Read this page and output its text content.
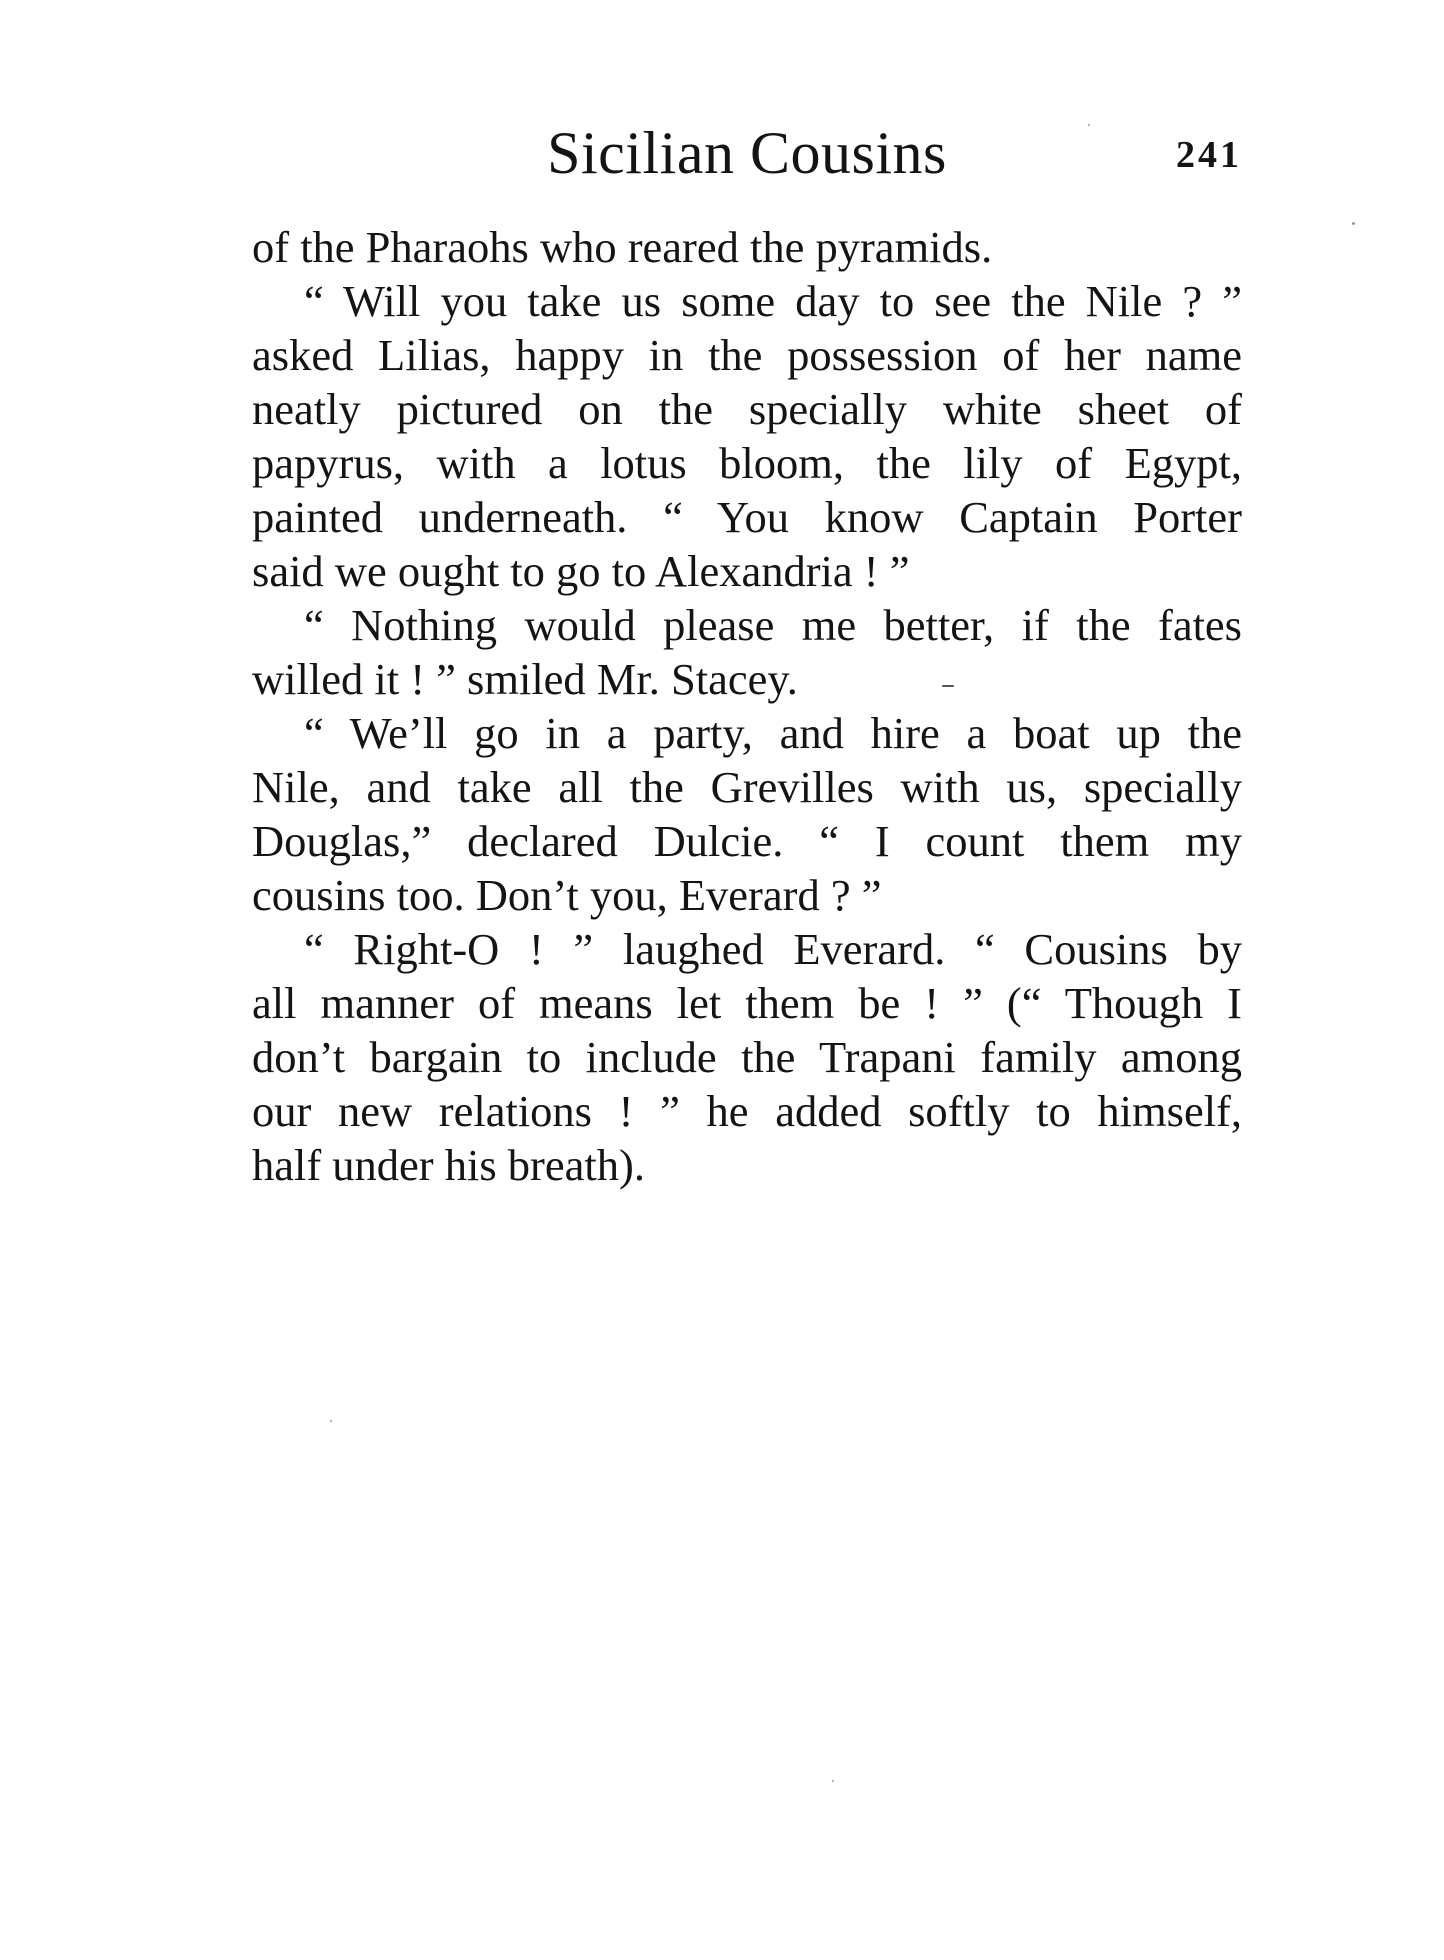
Sicilian Cousins	241

of the Pharaohs who reared the pyramids.

“ Will you take us some day to see the Nile ? ”
asked Lilias, happy in the possession of her name
neatly pictured on the specially white sheet of
papyrus, with a lotus bloom, the lily of Egypt,
painted underneath. “ You know Captain Porter
said we ought to go to Alexandria ! ”

“ Nothing would please me better, if the fates
willed it ! ” smiled Mr. Stacey.

“ We’ll go in a party, and hire a boat up the
Nile, and take all the Grevilles with us, specially
Douglas,” declared Dulcie. “ I count them my
cousins too. Don’t you, Everard ? ”

“ Right-O ! ” laughed Everard. “ Cousins by
all manner of means let them be ! ” (“ Though I
don’t bargain to include the Trapani family among
our new relations ! ” he added softly to himself,
half under his breath).
